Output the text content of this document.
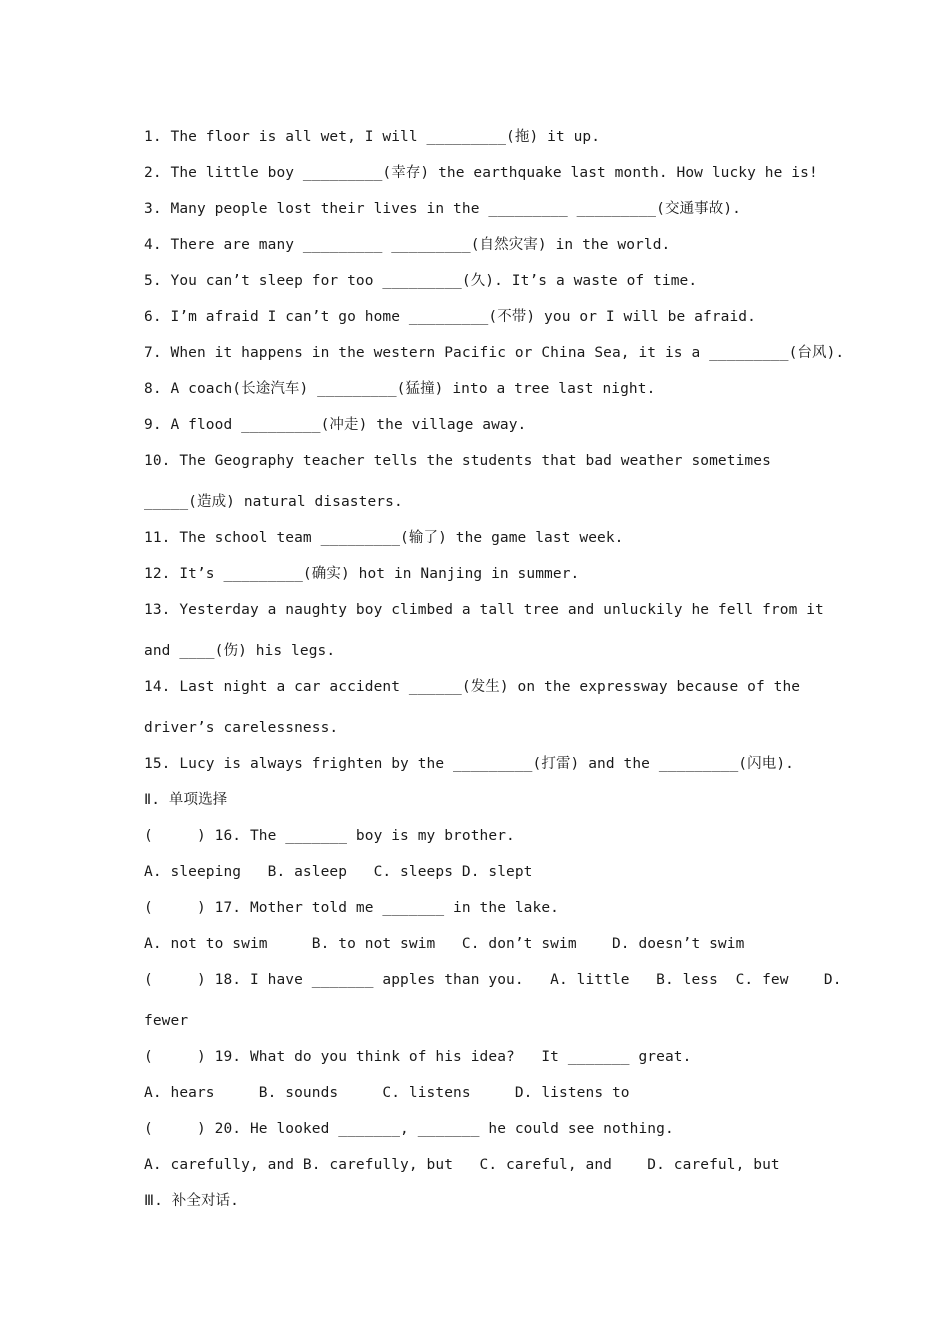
1. The floor is all wet, I will _________(拖) it up.

2. The little boy _________(幸存) the earthquake last month. How lucky he is!

3. Many people lost their lives in the _________ _________(交通事故).

4. There are many _________ _________(自然灾害) in the world.

5. You can’t sleep for too _________(久). It’s a waste of time.

6. I’m afraid I can’t go home _________(不带) you or I will be afraid.

7. When it happens in the western Pacific or China Sea, it is a _________(台风).

8. A coach(长途汽车) _________(猛撞) into a tree last night.

9. A flood _________(冲走) the village away.

10. The Geography teacher tells the students that bad weather sometimes

_____(造成) natural disasters.

11. The school team _________(输了) the game last week.

12. It’s _________(确实) hot in Nanjing in summer.

13. Yesterday a naughty boy climbed a tall tree and unluckily he fell from it

and ____(伤) his legs.

14. Last night a car accident ______(发生) on the expressway because of the

driver’s carelessness.

15. Lucy is always frighten by the _________(打雷) and the _________(闪电).

Ⅱ. 单项选择

(     ) 16. The _______ boy is my brother.

A. sleeping   B. asleep   C. sleeps D. slept

(     ) 17. Mother told me _______ in the lake.

A. not to swim     B. to not swim   C. don’t swim    D. doesn’t swim

(     ) 18. I have _______ apples than you.   A. little   B. less  C. few    D.

fewer

(     ) 19. What do you think of his idea?   It _______ great.

A. hears     B. sounds     C. listens     D. listens to

(     ) 20. He looked _______, _______ he could see nothing.

A. carefully, and B. carefully, but   C. careful, and    D. careful, but

Ⅲ. 补全对话.
